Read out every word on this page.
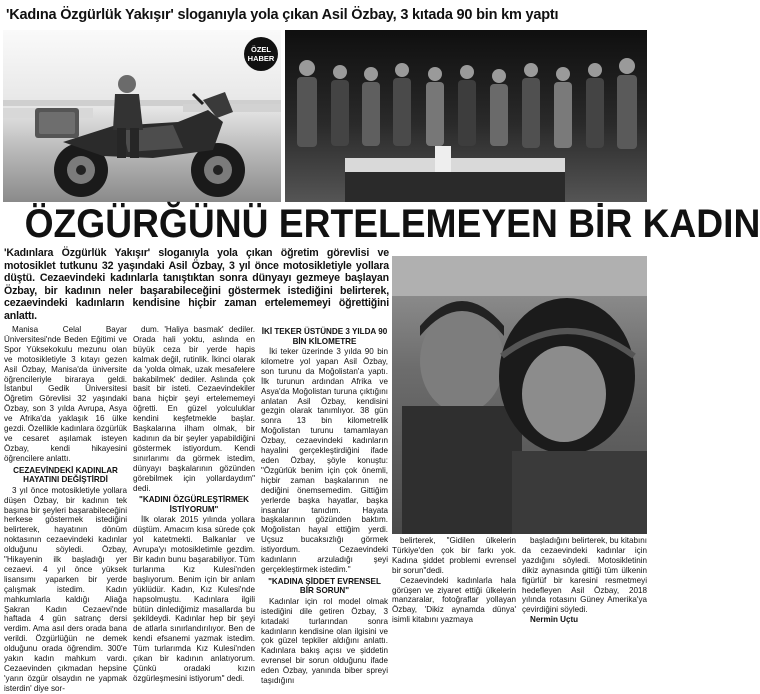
'Kadına Özgürlük Yakışır' sloganıyla yola çıkan Asil Özbay, 3 kıtada 90 bin km yaptı
ÖZEL
HABER
ÖZGÜRĞÜNÜ ERTELEMEYEN BİR KADIN

'Kadınlara Özgürlük Yakışır' sloganıyla yola çıkan öğretim görevlisi ve motosiklet tutkunu 32 yaşındaki Asil Özbay, 3 yıl önce motosikletiyle yollara düştü. Cezaevindeki kadınlarla tanıştıktan sonra dünyayı gezmeye başlayan Özbay, bir kadının neler başarabileceğini göstermek istediğini belirterek, cezaevindeki kadınların kendisine hiçbir zaman ertelememeyi öğrettiğini anlattı.

Manisa Celal Bayar Üniversitesi'nde Beden Eğitimi ve Spor Yüksekokulu mezunu olan ve motosikletiyle 3 kıtayı gezen Asil Özbay, Manisa'da üniversite öğrencileriyle biraraya geldi. İstanbul Gedik Üniversitesi Öğretim Görevlisi 32 yaşındaki Özbay, son 3 yılda Avrupa, Asya ve Afrika'da yaklaşık 16 ülke gezdi. Özellikle kadınlara özgürlük ve cesaret aşılamak isteyen Özbay, kendi hikayesini öğrencilere anlattı.

CEZAEVİNDEKİ KADINLAR HAYATINI DEĞİŞTİRDİ

3 yıl önce motosikletiyle yollara düşen Özbay, bir kadının tek başına bir şeyleri başarabileceğini herkese göstermek istediğini belirterek, hayatının dönüm noktasının cezaevindeki kadınlar olduğunu söyledi. Özbay, "Hikayenin ilk başladığı yer cezaevi. 4 yıl önce yüksek lisansımı yaparken bir yerde çalışmak istedim. Kadın mahkumlarla kaldığı Aliağa Şakran Kadın Cezaevi'nde haftada 4 gün satranç dersi verdim. Ama asıl ders orada bana verildi. Özgürlüğün ne demek olduğunu orada öğrendim. 300'e yakın kadın mahkum vardı. Cezaevinden çıkmadan hepsine 'yarın özgür olsaydın ne yapmak isterdin' diye sor-

dum. 'Haliya basmak' dediler. Orada hali yoktu, aslında en büyük ceza bir yerde hapis kalmak değil, rutinlik. İkinci olarak da 'yolda olmak, uzak mesafelere bakabilmek' dediler. Aslında çok basit bir isteti. Cezaevindekiler bana hiçbir şeyi ertelememeyi öğretti. En güzel yolculuklar kendini keşfetmekle başlar. Başkalarına ilham olmak, bir kadının da bir şeyler yapabildiğini göstermek istiyordum. Kendi sınırlarımı da görmek istedim, dünyayı başkalarının gözünden görebilmek için yollardaydım" dedi.

"KADINI ÖZGÜRLEŞTİRMEK İSTİYORUM"

İlk olarak 2015 yılında yollara düştüm. Amacım kısa sürede çok yol katetmekti. Balkanlar ve Avrupa'yı motosikletimle gezdim. Bir kadın bunu başarabiliyor. Tüm turlarıma Kız Kulesi'nden başlıyorum. Benim için bir anlam yüklüdür. Kadın, Kız Kulesi'nde hapsolmuştu. Kadınlara ilgili bütün dinlediğimiz masallarda bu şekildeydi. Kadınlar hep bir şeyi de atlarla sınırlandırılıyor. Ben de kendi efsanemi yazmak istedim. Tüm turlarımda Kız Kulesi'nden çıkan bir kadının anlatıyorum. Çünkü oradaki kızın özgürleşmesini istiyorum" dedi.

İKİ TEKER ÜSTÜNDE 3 YILDA 90 BİN KİLOMETRE

İki teker üzerinde 3 yılda 90 bin kilometre yol yapan Asil Özbay, son turunu da Moğolistan'a yaptı. İlk turunun ardından Afrika ve Asya'da Moğolistan turuna çıktığını anlatan Asil Özbay, kendisini gezgin olarak tanımlıyor. 38 gün sonra 13 bin kilometrelik Moğolistan turunu tamamlayan Özbay, cezaevindeki kadınların hayalini gerçekleştirdiğini ifade eden Özbay, şöyle konuştu: "Özgürlük benim için çok önemli, hiçbir zaman başkalarının ne dediğini önemsemedim. Gittiğim yerlerde başka hayatlar, başka insanlar tanıdım. Hayata başkalarının gözünden baktım. Moğolistan hayal ettiğim yerdi. Uçsuz bucaksızlığı görmek istiyordum. Cezaevindeki kadınların arzuladığı şeyi gerçekleştirmek istedim."

"KADINA ŞİDDET EVRENSEL BİR SORUN"

Kadınlar için rol model olmak istediğini dile getiren Özbay, 3 kıtadaki turlarından sonra kadınların kendisine olan ilgisini ve çok güzel tepkiler aldığını anlattı. Kadınlara bakış açısı ve şiddetin evrensel bir sorun olduğunu ifade eden Özbay, yanında biber spreyi taşıdığını

belirterek, "Gidilen ülkelerin Türkiye'den çok bir farkı yok. Kadına şiddet problemi evrensel bir sorun"dedi.

Cezaevindeki kadınlarla hala görüşen ve ziyaret ettiği ülkelerin manzaralar, fotoğraflar yollayan Özbay, 'Dikiz aynamda dünya' isimli kitabını yazmaya

başladığını belirterek, bu kitabını da cezaevindeki kadınlar için yazdığını söyledi. Motosikletinin dikiz aynasında gittiği tüm ülkenin figürlüf bir karesini resmetmeyi hedefleyen Asil Özbay, 2018 yılında rotasını Güney Amerika'ya çevirdiğini söyledi.

Nermin Uçtu
